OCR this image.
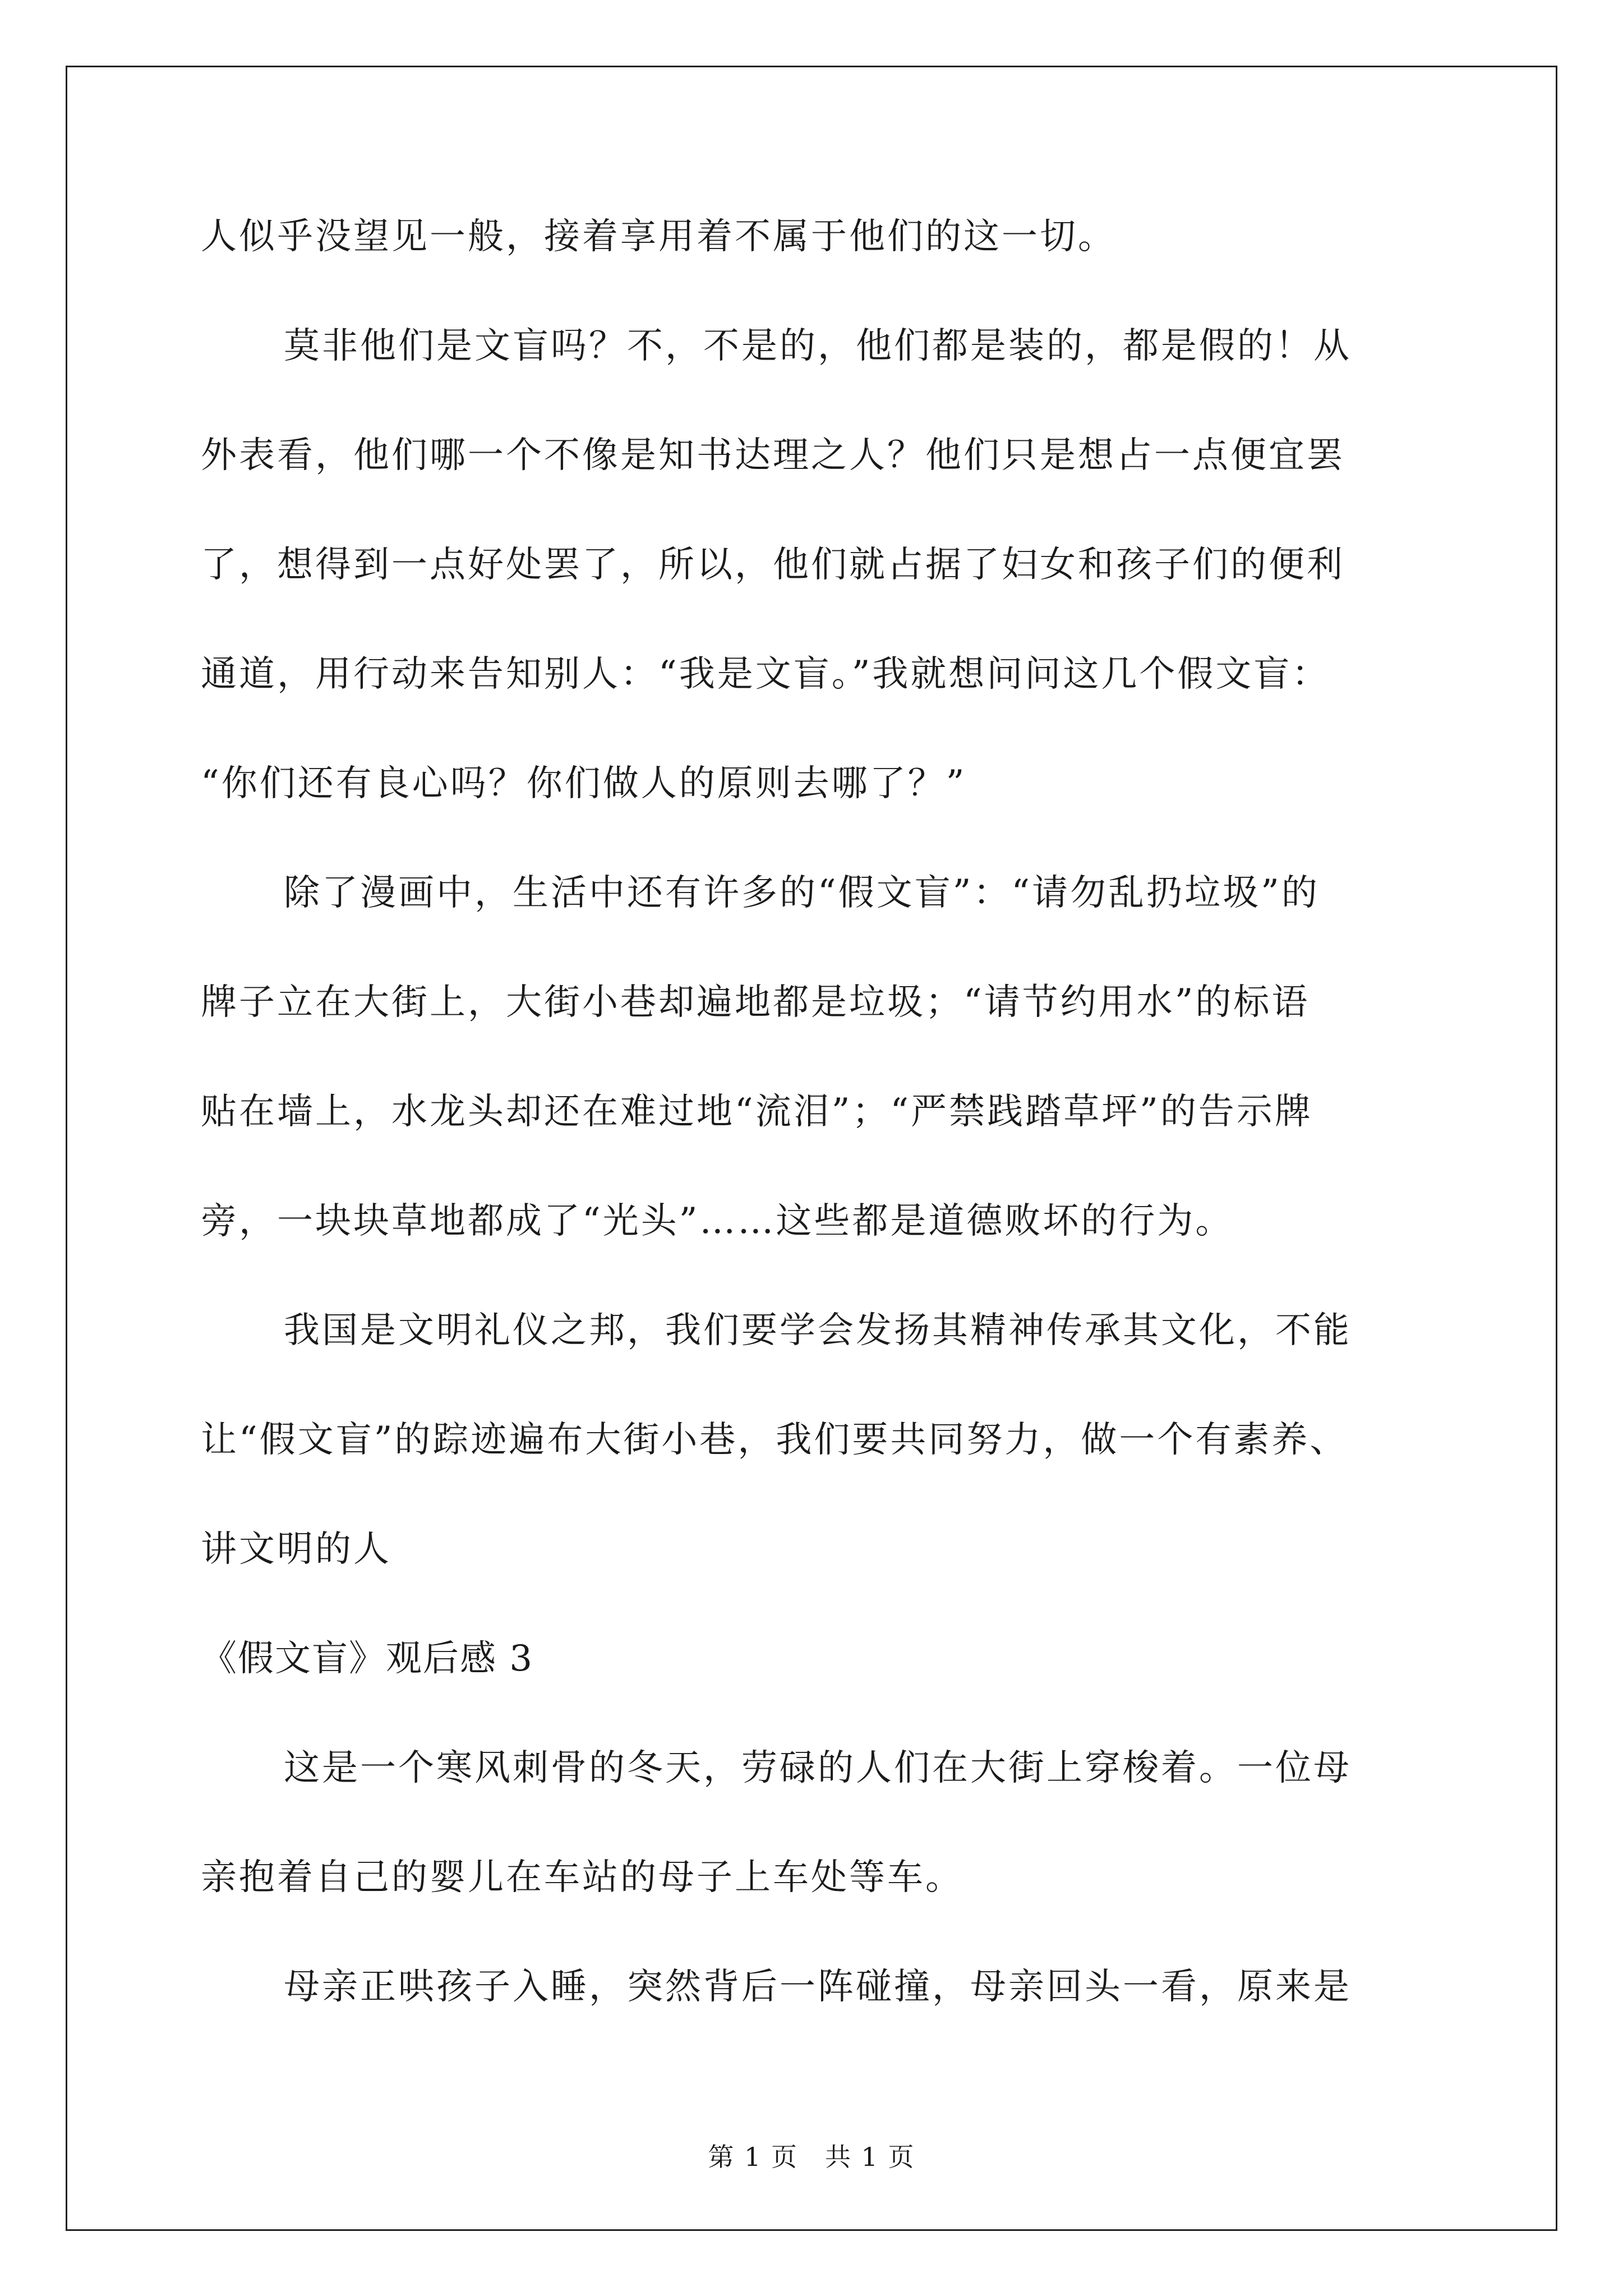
人似乎没望见一般，接着享用着不属于他们的这一切。
莫非他们是文盲吗？不，不是的，他们都是装的，都是假的！从
外表看，他们哪一个不像是知书达理之人？他们只是想占一点便宜罢
了，想得到一点好处罢了，所以，他们就占据了妇女和孩子们的便利
通道，用行动来告知别人：“我是文盲。”我就想问问这几个假文盲：
“你们还有良心吗？你们做人的原则去哪了？”
除了漫画中，生活中还有许多的“假文盲”：“请勿乱扔垃圾”的
牌子立在大街上，大街小巷却遍地都是垃圾；“请节约用水”的标语
贴在墙上，水龙头却还在难过地“流泪”；“严禁践踏草坪”的告示牌
旁，一块块草地都成了“光头”……这些都是道德败坏的行为。
我国是文明礼仪之邦，我们要学会发扬其精神传承其文化，不能
让“假文盲”的踪迹遍布大街小巷，我们要共同努力，做一个有素养、
讲文明的人
《假文盲》观后感 3
这是一个寒风刺骨的冬天，劳碌的人们在大街上穿梭着。一位母
亲抱着自己的婴儿在车站的母子上车处等车。
母亲正哄孩子入睡，突然背后一阵碰撞，母亲回头一看，原来是
第 1 页　共 1 页
